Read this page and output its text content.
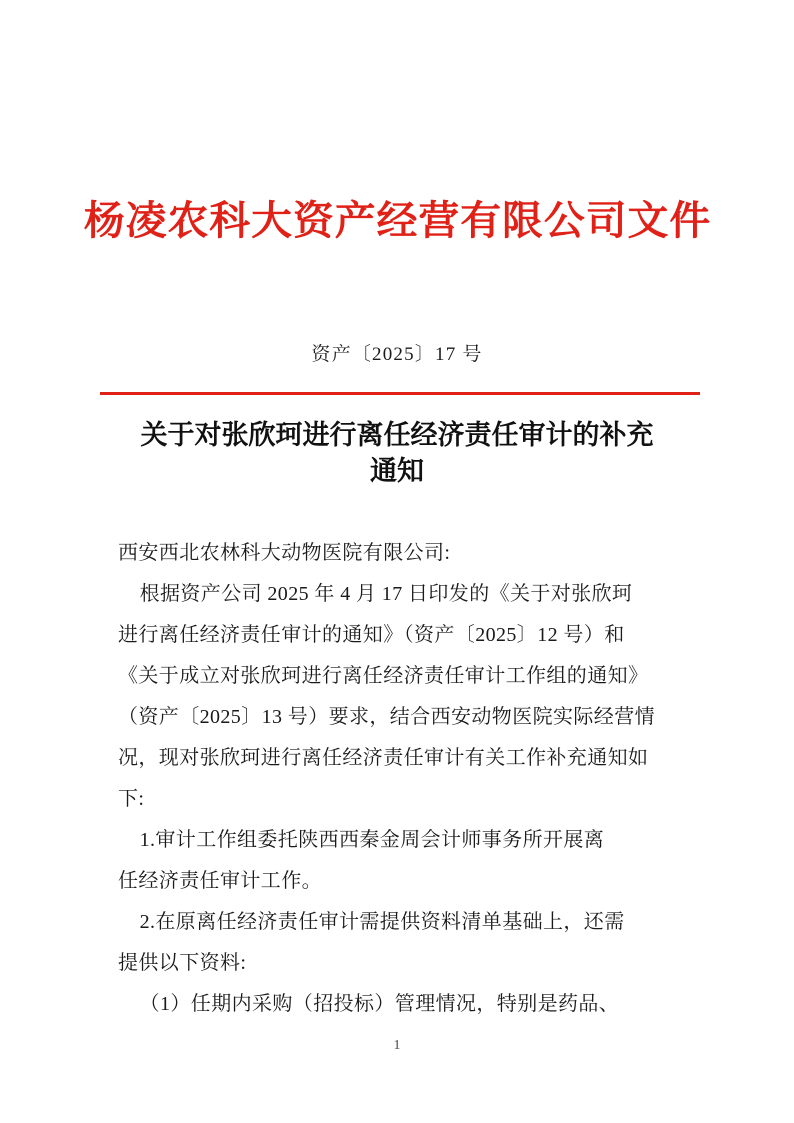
杨凌农科大资产经营有限公司文件
资产〔2025〕17 号
关于对张欣珂进行离任经济责任审计的补充
通知
西安西北农林科大动物医院有限公司:
根据资产公司 2025 年 4 月 17 日印发的《关于对张欣珂
进行离任经济责任审计的通知》（资产〔2025〕12 号）和
《关于成立对张欣珂进行离任经济责任审计工作组的通知》
（资产〔2025〕13 号）要求，结合西安动物医院实际经营情
况，现对张欣珂进行离任经济责任审计有关工作补充通知如
下:
1.审计工作组委托陕西西秦金周会计师事务所开展离
任经济责任审计工作。
2.在原离任经济责任审计需提供资料清单基础上，还需
提供以下资料:
（1）任期内采购（招投标）管理情况，特别是药品、
1
